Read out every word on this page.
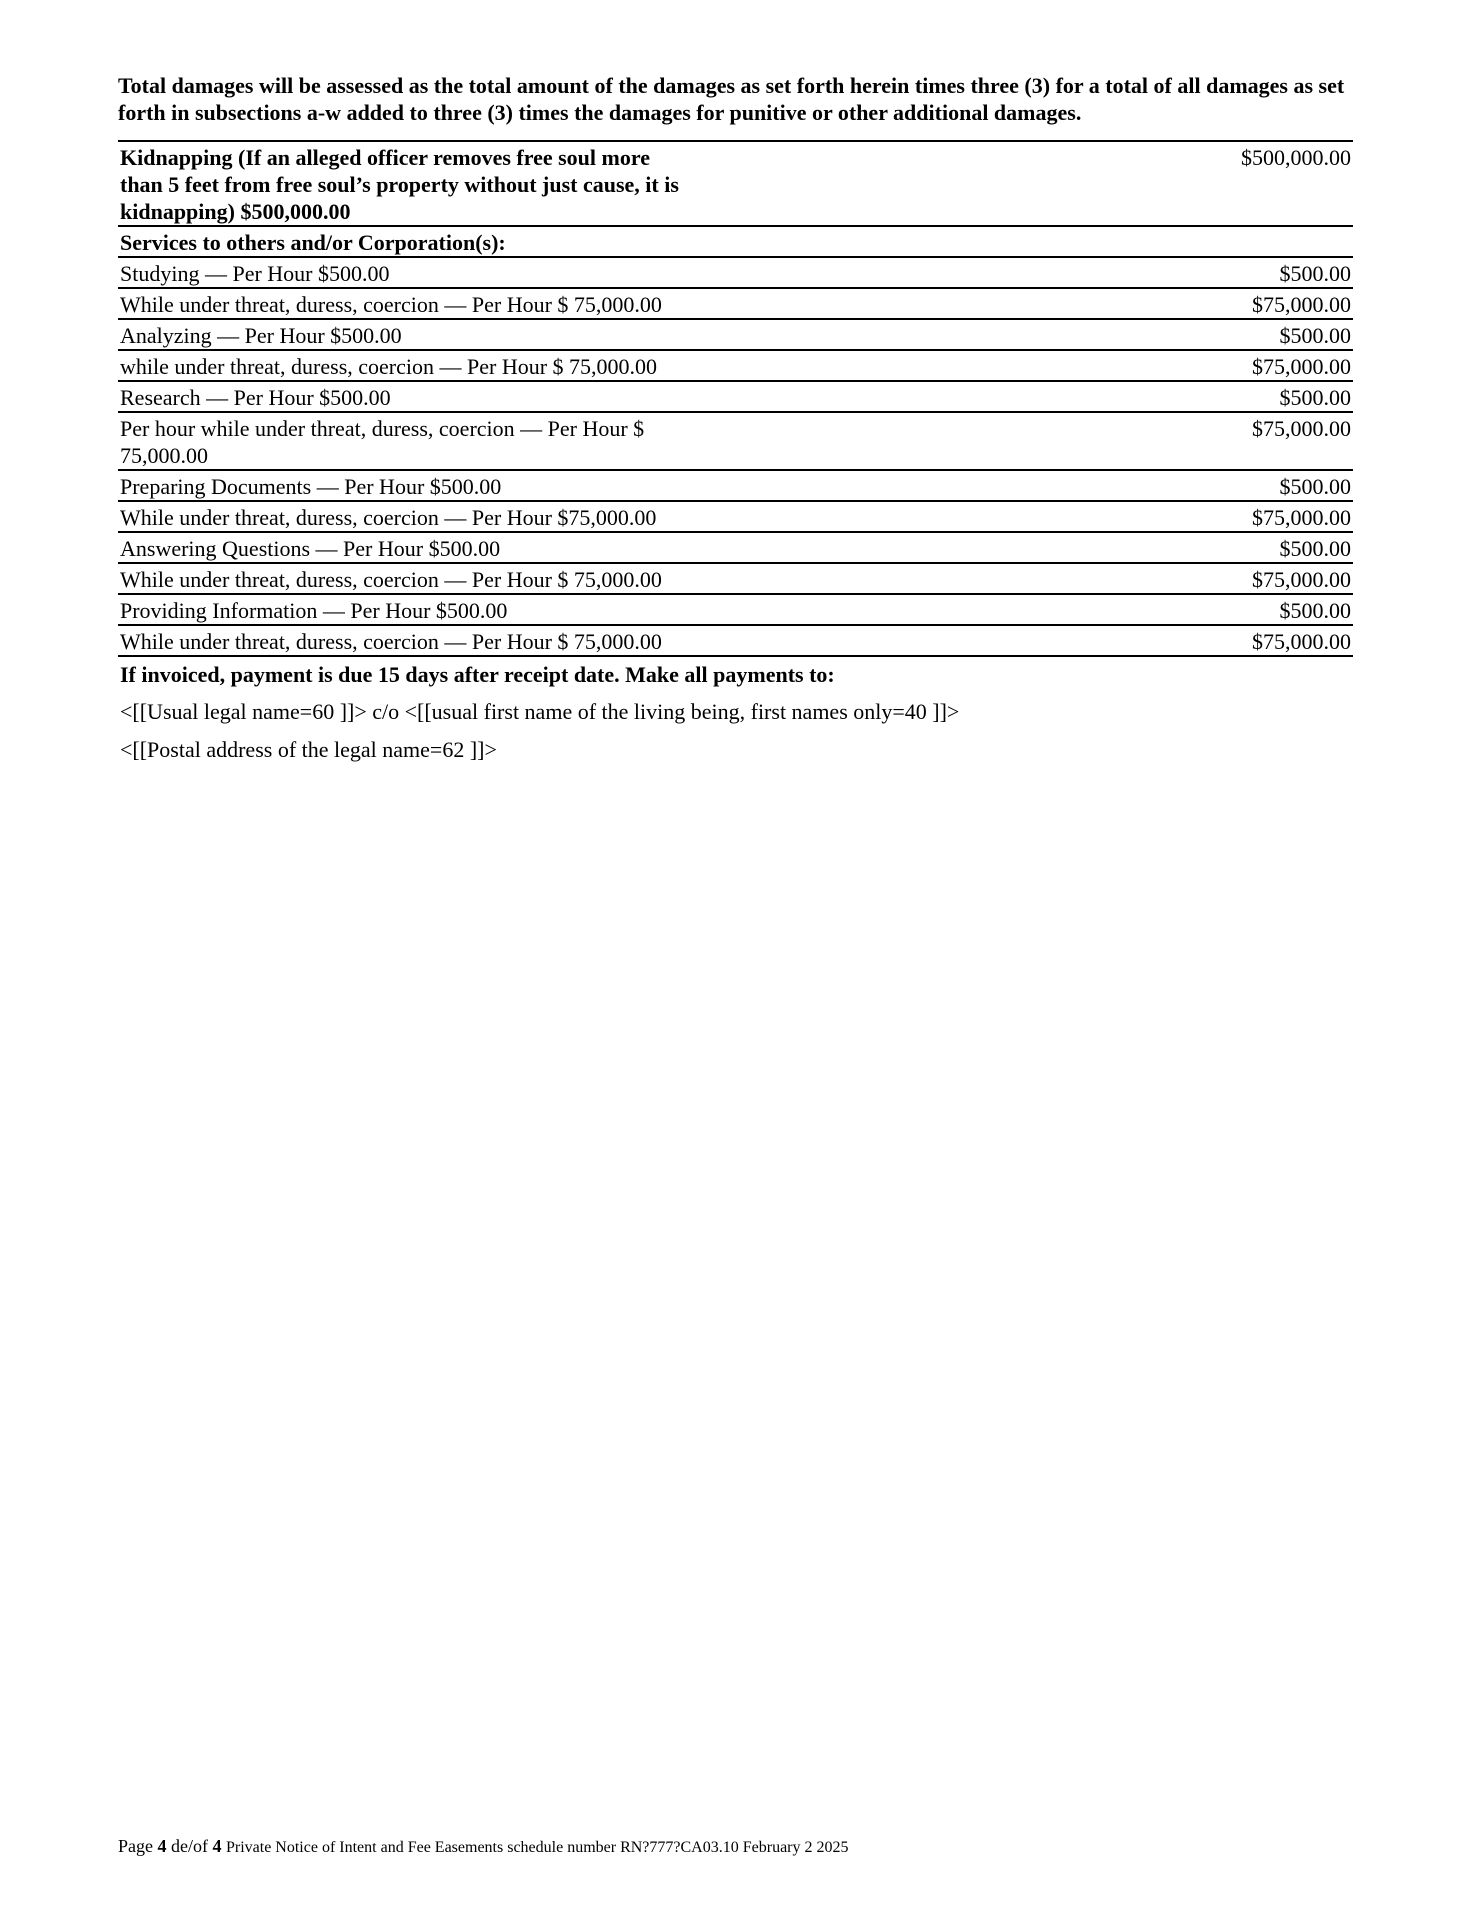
Total damages will be assessed as the total amount of the damages as set forth herein times three (3) for a total of all damages as set forth in subsections a-w added to three (3) times the damages for punitive or other additional damages.

Kidnapping (If an alleged officer removes free soul more than 5 feet from free soul’s property without just cause, it is kidnapping) $500,000.00	$500,000.00
Services to others and/or Corporation(s):	
Studying — Per Hour $500.00	$500.00
While under threat, duress, coercion — Per Hour $ 75,000.00	$75,000.00
Analyzing — Per Hour $500.00	$500.00
while under threat, duress, coercion — Per Hour $ 75,000.00	$75,000.00
Research — Per Hour $500.00	$500.00
Per hour while under threat, duress, coercion — Per Hour $ 75,000.00	$75,000.00
Preparing Documents — Per Hour $500.00	$500.00
While under threat, duress, coercion — Per Hour $75,000.00	$75,000.00
Answering Questions — Per Hour $500.00	$500.00
While under threat, duress, coercion — Per Hour $ 75,000.00	$75,000.00
Providing Information — Per Hour $500.00	$500.00
While under threat, duress, coercion — Per Hour $ 75,000.00	$75,000.00

If invoiced, payment is due 15 days after receipt date. Make all payments to:

<[[Usual legal name=60 ]]> c/o <[[usual first name of the living being, first names only=40 ]]>

<[[Postal address of the legal name=62 ]]>

Page 4 de/of 4 Private Notice of Intent and Fee Easements schedule number RN?777?CA03.10 February 2 2025
